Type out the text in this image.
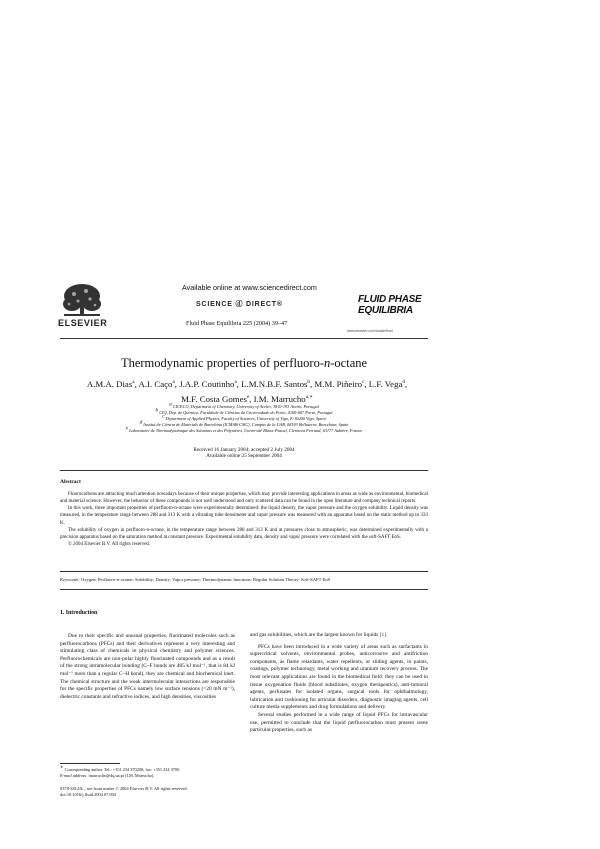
ELSEVIER
Available online at www.sciencedirect.com
SCIENCE ⓓ DIRECT®
Fluid Phase Equilibria 225 (2004) 39–47
FLUID PHASE
EQUILIBRIA
www.elsevier.com/locate/fluid
Thermodynamic properties of perfluoro-n-octane
A.M.A. Dias$^a$, A.I. Caço$^a$, J.A.P. Coutinho$^a$, L.M.N.B.F. Santos$^b$, M.M. Piñeiro$^c$, L.F. Vega$^d$, M.F. Costa Gomes$^e$, I.M. Marrucho$^{a,∗}$
a CICECO, Department of Chemistry, University of Aveiro, 3810-193 Aveiro, Portugal
b CIQ, Dep. de Química, Faculdade de Ciências da Universidade do Porto, 4169-007 Porto, Portugal
c Department of Applied Physics, Faculty of Sciences, University of Vigo, E-36200 Vigo, Spain
d Institut de Ciència de Materials de Barcelona (ICMAB-CSIC), Campus de la UAB, 08193 Bellaterra, Barcelona, Spain
e Laboratoire de Thermodynamique des Solutions et des Polymères, Université Blaise Pascal, Clermont Ferrand, 63177 Aubière, France
Received 16 January 2004; accepted 2 July 2004
Available online 25 September 2004
Abstract

Fluorocarbons are attracting much attention nowadays because of their unique properties, which may provide interesting applications in areas as wide as environmental, biomedical and material science. However, the behavior of these compounds is not well understood and only scattered data can be found in the open literature and company technical reports.

In this work, three important properties of perfluoro-n-octane were experimentally determined: the liquid density, the vapor pressure and the oxygen solubility. Liquid density was measured, in the temperature range between 288 and 313 K with a vibrating tube densimeter and vapor pressure was measured with an apparatus based on the static method up to 333 K.

The solubility of oxygen in perfluoro-n-octane, in the temperature range between 288 and 313 K and at pressures close to atmospheric, was determined experimentally with a precision apparatus based on the saturation method at constant pressure. Experimental solubility data, density and vapor pressure were correlated with the soft-SAFT EoS.

© 2004 Elsevier B.V. All rights reserved.

Keywords: Oxygen; Perfluoro-n-octane; Solubility; Density; Vapor pressure; Thermodynamic functions; Regular Solution Theory; Soft-SAFT EoS
1. Introduction

Due to their specific and unusual properties, fluorinated molecules such as perfluorocarbons (PFCs) and their derivatives represent a very interesting and stimulating class of chemicals in physical chemistry and polymer sciences. Perfluorochemicals are non-polar highly fluorinated compounds and as a result of the strong intramolecular bonding (C–F bonds are 485 kJ mol⁻¹, that is 84 kJ mol⁻¹ more than a regular C–H bond), they are chemical and biochemical inert. The chemical structure and the weak intermolecular interactions are responsible for the specific properties of PFCs namely low surface tensions (<20 mN m⁻¹), dielectric constants and refractive indices, and high densities, viscosities

and gas solubilities, which are the largest known for liquids [1].

PFCs have been introduced in a wide variety of areas such as surfactants in supercritical solvents, environmental probes, anticorrosive and antifriction components, as flame retardants, water repellents, or sliding agents, in paints, coatings, polymer technology, metal working and uranium recovery process. The most relevant applications are found in the biomedical field: they can be used in tissue oxygenation fluids (blood substitutes, oxygen therapeutics), anti-tumoral agents, perfusates for isolated organs, surgical tools for ophthalmology, lubrication and cushioning for articular disorders, diagnostic imaging agents, cell culture media supplements and drug formulations and delivery.

Several studies performed in a wide range of liquid PFCs for intravascular use, permitted to conclude that the liquid perfluorocarbon must present some particular properties, such as

∗ Corresponding author. Tel.: +351 234 370200; fax: +351 234 3700.
E-mail address: imarrucho@dq.ua.pt (I.M. Marrucho).
0378-3812/$ – see front matter © 2004 Elsevier B.V. All rights reserved.
doi:10.1016/j.fluid.2004.07.004
